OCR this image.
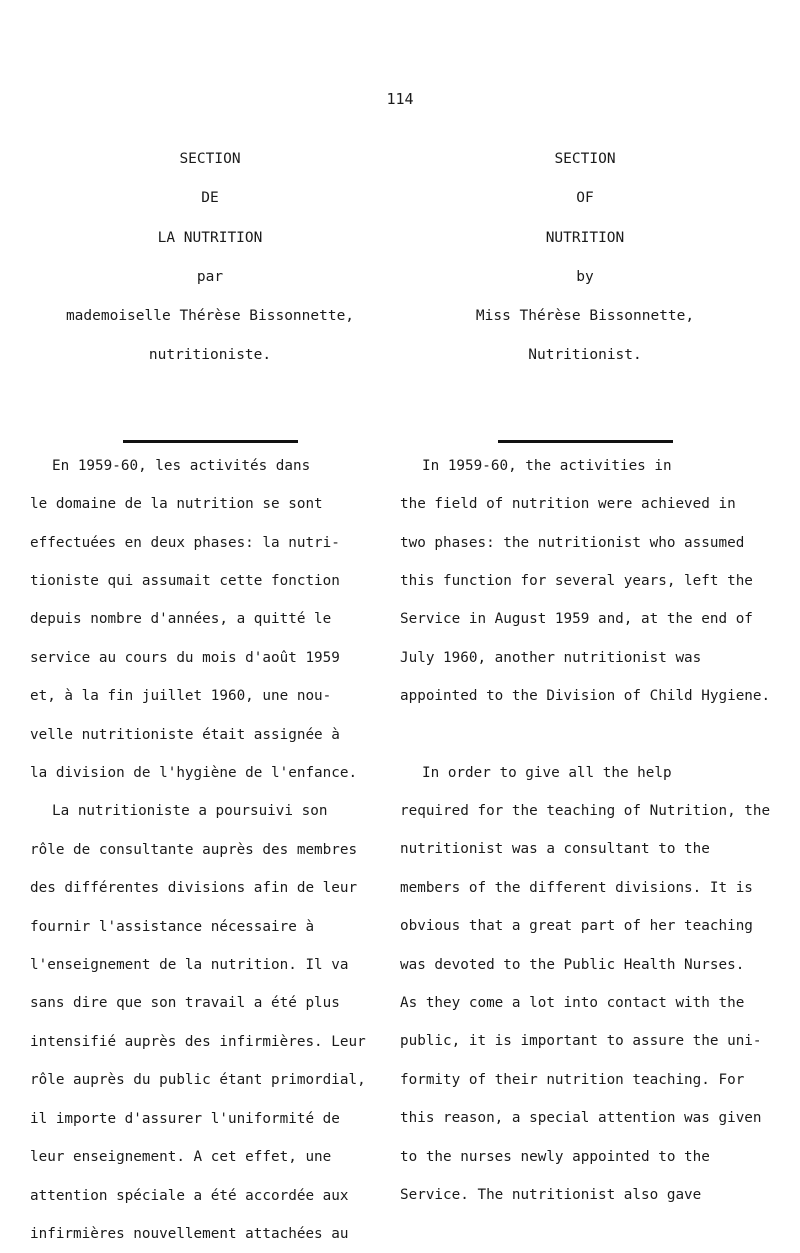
114
SECTION
DE
LA NUTRITION
par
mademoiselle Thérèse Bissonnette,
nutritioniste.
En 1959-60, les activités dans
le domaine de la nutrition se sont
effectuées en deux phases: la nutri-
tioniste qui assumait cette fonction
depuis nombre d'années, a quitté le
service au cours du mois d'août 1959
et, à la fin juillet 1960, une nou-
velle nutritioniste était assignée à
la division de l'hygiène de l'enfance.
La nutritioniste a poursuivi son
rôle de consultante auprès des membres
des différentes divisions afin de leur
fournir l'assistance nécessaire à
l'enseignement de la nutrition. Il va
sans dire que son travail a été plus
intensifié auprès des infirmières. Leur
rôle auprès du public étant primordial,
il importe d'assurer l'uniformité de
leur enseignement. A cet effet, une
attention spéciale a été accordée aux
infirmières nouvellement attachées au
SECTION
OF
NUTRITION
by
Miss Thérèse Bissonnette,
Nutritionist.
In 1959-60, the activities in
the field of nutrition were achieved in
two phases: the nutritionist who assumed
this function for several years, left the
Service in August 1959 and, at the end of
July 1960, another nutritionist was
appointed to the Division of Child Hygiene.
In order to give all the help
required for the teaching of Nutrition, the
nutritionist was a consultant to the
members of the different divisions. It is
obvious that a great part of her teaching
was devoted to the Public Health Nurses.
As they come a lot into contact with the
public, it is important to assure the uni-
formity of their nutrition teaching. For
this reason, a special attention was given
to the nurses newly appointed to the
Service. The nutritionist also gave
